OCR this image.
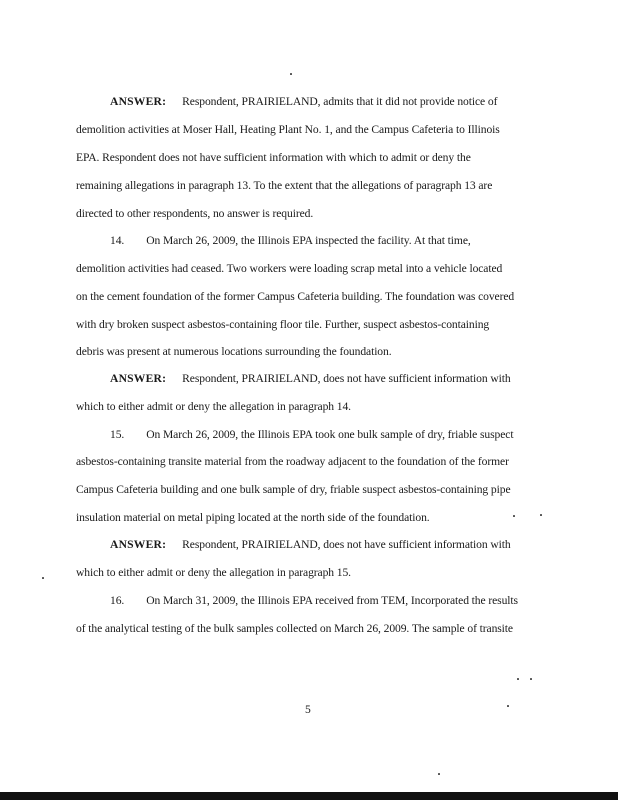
ANSWER: Respondent, PRAIRIELAND, admits that it did not provide notice of
demolition activities at Moser Hall, Heating Plant No. 1, and the Campus Cafeteria to Illinois
EPA. Respondent does not have sufficient information with which to admit or deny the
remaining allegations in paragraph 13. To the extent that the allegations of paragraph 13 are
directed to other respondents, no answer is required.
14. On March 26, 2009, the Illinois EPA inspected the facility. At that time,
demolition activities had ceased. Two workers were loading scrap metal into a vehicle located
on the cement foundation of the former Campus Cafeteria building. The foundation was covered
with dry broken suspect asbestos-containing floor tile. Further, suspect asbestos-containing
debris was present at numerous locations surrounding the foundation.
ANSWER: Respondent, PRAIRIELAND, does not have sufficient information with
which to either admit or deny the allegation in paragraph 14.
15. On March 26, 2009, the Illinois EPA took one bulk sample of dry, friable suspect
asbestos-containing transite material from the roadway adjacent to the foundation of the former
Campus Cafeteria building and one bulk sample of dry, friable suspect asbestos-containing pipe
insulation material on metal piping located at the north side of the foundation.
ANSWER: Respondent, PRAIRIELAND, does not have sufficient information with
which to either admit or deny the allegation in paragraph 15.
16. On March 31, 2009, the Illinois EPA received from TEM, Incorporated the results
of the analytical testing of the bulk samples collected on March 26, 2009. The sample of transite
5
